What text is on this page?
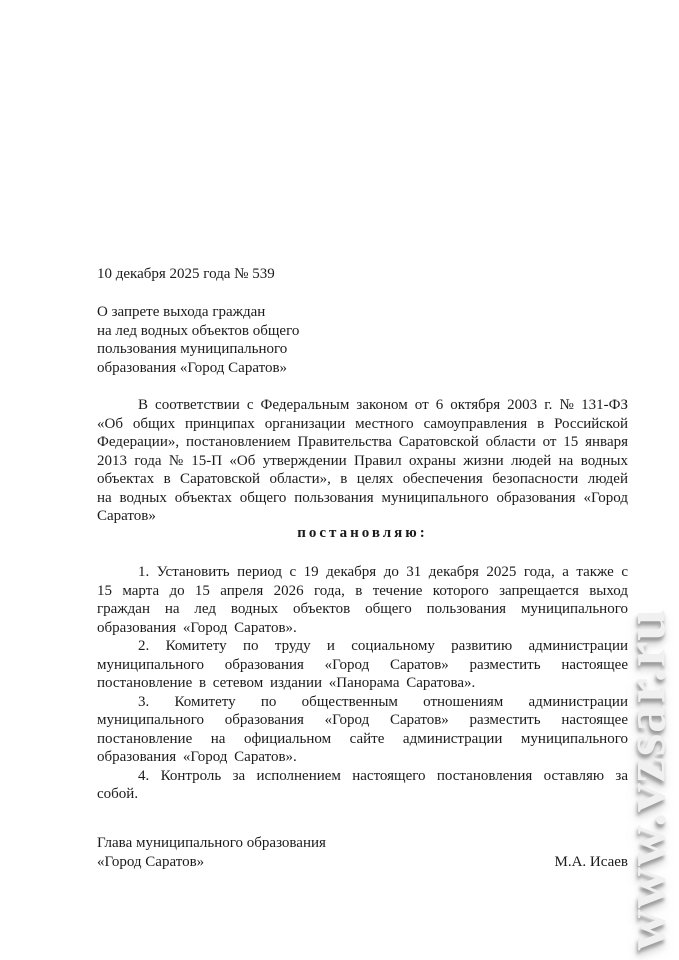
10 декабря 2025 года № 539
О запрете выхода граждан
на лед водных объектов общего
пользования муниципального
образования «Город Саратов»
В соответствии с Федеральным законом от 6 октября 2003 г. № 131-ФЗ «Об общих принципах организации местного самоуправления в Российской Федерации», постановлением Правительства Саратовской области от 15 января 2013 года № 15-П «Об утверждении Правил охраны жизни людей на водных объектах в Саратовской области», в целях обеспечения безопасности людей на водных объектах общего пользования муниципального образования «Город Саратов»
постановляю:

1. Установить период с 19 декабря до 31 декабря 2025 года, а также с 15 марта до 15 апреля 2026 года, в течение которого запрещается выход граждан на лед водных объектов общего пользования муниципального образования «Город Саратов».

2. Комитету по труду и социальному развитию администрации муниципального образования «Город Саратов» разместить настоящее постановление в сетевом издании «Панорама Саратова».

3. Комитету по общественным отношениям администрации муниципального образования «Город Саратов» разместить настоящее постановление на официальном сайте администрации муниципального образования «Город Саратов».

4. Контроль за исполнением настоящего постановления оставляю за собой.

Глава муниципального образования
«Город Саратов»	М.А. Исаев
www.vzsar.ru
